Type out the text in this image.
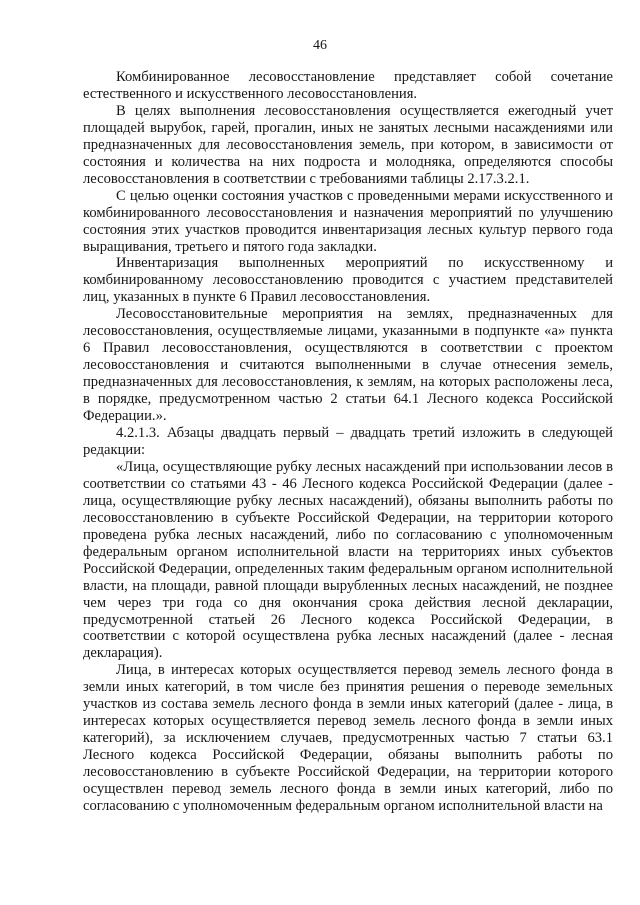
46

Комбинированное лесовосстановление представляет собой сочетание естественного и искусственного лесовосстановления.

В целях выполнения лесовосстановления осуществляется ежегодный учет площадей вырубок, гарей, прогалин, иных не занятых лесными насаждениями или предназначенных для лесовосстановления земель, при котором, в зависимости от состояния и количества на них подроста и молодняка, определяются способы лесовосстановления в соответствии с требованиями таблицы 2.17.3.2.1.

С целью оценки состояния участков с проведенными мерами искусственного и комбинированного лесовосстановления и назначения мероприятий по улучшению состояния этих участков проводится инвентаризация лесных культур первого года выращивания, третьего и пятого года закладки.

Инвентаризация выполненных мероприятий по искусственному и комбинированному лесовосстановлению проводится с участием представителей лиц, указанных в пункте 6 Правил лесовосстановления.

Лесовосстановительные мероприятия на землях, предназначенных для лесовосстановления, осуществляемые лицами, указанными в подпункте «а» пункта 6 Правил лесовосстановления, осуществляются в соответствии с проектом лесовосстановления и считаются выполненными в случае отнесения земель, предназначенных для лесовосстановления, к землям, на которых расположены леса, в порядке, предусмотренном частью 2 статьи 64.1 Лесного кодекса Российской Федерации.».

4.2.1.3. Абзацы двадцать первый – двадцать третий изложить в следующей редакции:

«Лица, осуществляющие рубку лесных насаждений при использовании лесов в соответствии со статьями 43 - 46 Лесного кодекса Российской Федерации (далее - лица, осуществляющие рубку лесных насаждений), обязаны выполнить работы по лесовосстановлению в субъекте Российской Федерации, на территории которого проведена рубка лесных насаждений, либо по согласованию с уполномоченным федеральным органом исполнительной власти на территориях иных субъектов Российской Федерации, определенных таким федеральным органом исполнительной власти, на площади, равной площади вырубленных лесных насаждений, не позднее чем через три года со дня окончания срока действия лесной декларации, предусмотренной статьей 26 Лесного кодекса Российской Федерации, в соответствии с которой осуществлена рубка лесных насаждений (далее - лесная декларация).

Лица, в интересах которых осуществляется перевод земель лесного фонда в земли иных категорий, в том числе без принятия решения о переводе земельных участков из состава земель лесного фонда в земли иных категорий (далее - лица, в интересах которых осуществляется перевод земель лесного фонда в земли иных категорий), за исключением случаев, предусмотренных частью 7 статьи 63.1 Лесного кодекса Российской Федерации, обязаны выполнить работы по лесовосстановлению в субъекте Российской Федерации, на территории которого осуществлен перевод земель лесного фонда в земли иных категорий, либо по согласованию с уполномоченным федеральным органом исполнительной власти на
